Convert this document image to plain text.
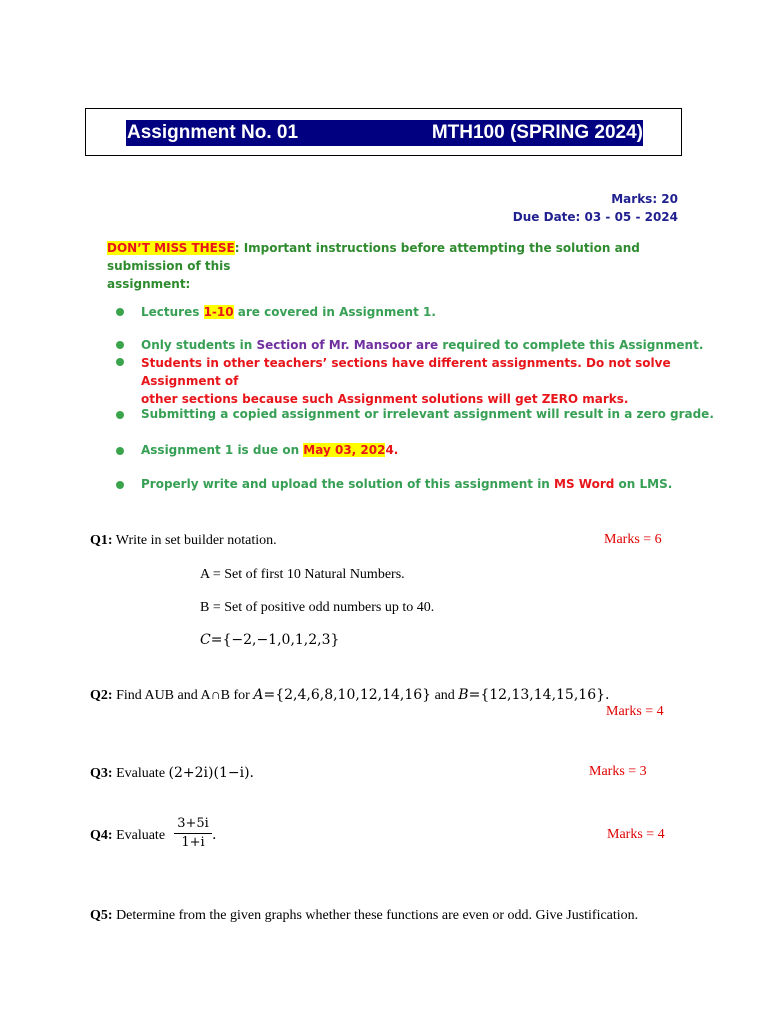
Assignment No. 01	MTH100 (SPRING 2024)
Marks: 20
Due Date: 03 - 05 - 2024
DON’T MISS THESE: Important instructions before attempting the solution and submission of this
assignment:
Lectures 1-10 are covered in Assignment 1.
Only students in Section of Mr. Mansoor are required to complete this Assignment.
Students in other teachers’ sections have different assignments. Do not solve Assignment of
other sections because such Assignment solutions will get ZERO marks.
Submitting a copied assignment or irrelevant assignment will result in a zero grade.
Assignment 1 is due on May 03, 2024.
Properly write and upload the solution of this assignment in MS Word on LMS.
Q1: Write in set builder notation.	Marks = 6
A = Set of first 10 Natural Numbers.
B = Set of positive odd numbers up to 40.
C={−2,−1,0,1,2,3}
Q2: Find AUB and A∩B for A={2,4,6,8,10,12,14,16} and B={12,13,14,15,16}.
Marks = 4
Q3: Evaluate (2+2i)(1−i).	Marks = 3
Q4: Evaluate
3+5i
1+i .	Marks = 4
Q5: Determine from the given graphs whether these functions are even or odd. Give Justification.
